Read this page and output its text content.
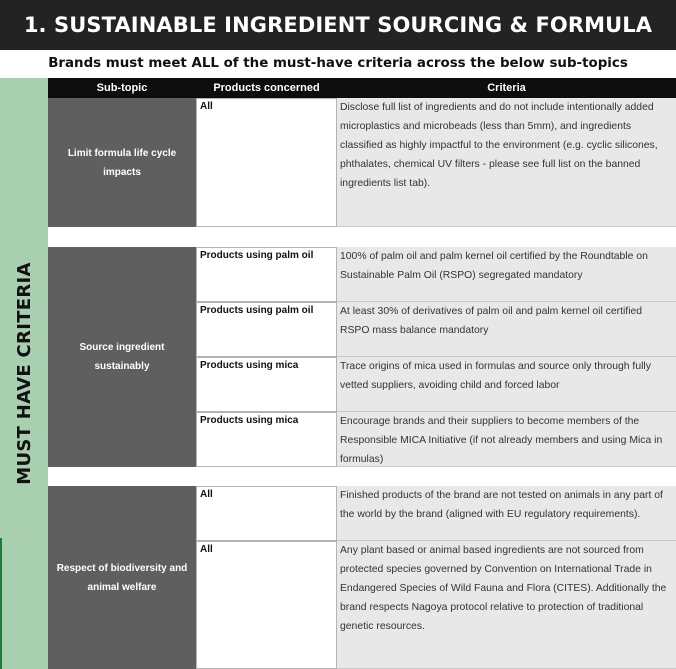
1. SUSTAINABLE INGREDIENT SOURCING & FORMULA
Brands must meet ALL of the must-have criteria across the below sub-topics
MUST HAVE CRITERIA
Sub-topic	Products concerned	Criteria
Limit formula life cycle impacts
All	Disclose full list of ingredients and do not include intentionally added microplastics and microbeads (less than 5mm), and ingredients classified as highly impactful to the environment (e.g. cyclic silicones, phthalates, chemical UV filters - please see full list on the banned ingredients list tab).
Source ingredient sustainably
Products using palm oil	100% of palm oil and palm kernel oil certified by the Roundtable on Sustainable Palm Oil (RSPO) segregated mandatory
Products using palm oil	At least 30% of derivatives of palm oil and palm kernel oil certified RSPO mass balance mandatory
Products using mica	Trace origins of mica used in formulas and source only through fully vetted suppliers, avoiding child and forced labor
Products using mica	Encourage brands and their suppliers to become members of the Responsible MICA Initiative (if not already members and using Mica in formulas)
Respect of biodiversity and animal welfare
All	Finished products of the brand are not tested on animals in any part of the world by the brand (aligned with EU regulatory requirements).
All	Any plant based or animal based ingredients are not sourced from protected species governed by Convention on International Trade in Endangered Species of Wild Fauna and Flora (CITES). Additionally the brand respects Nagoya protocol relative to protection of traditional genetic resources.
